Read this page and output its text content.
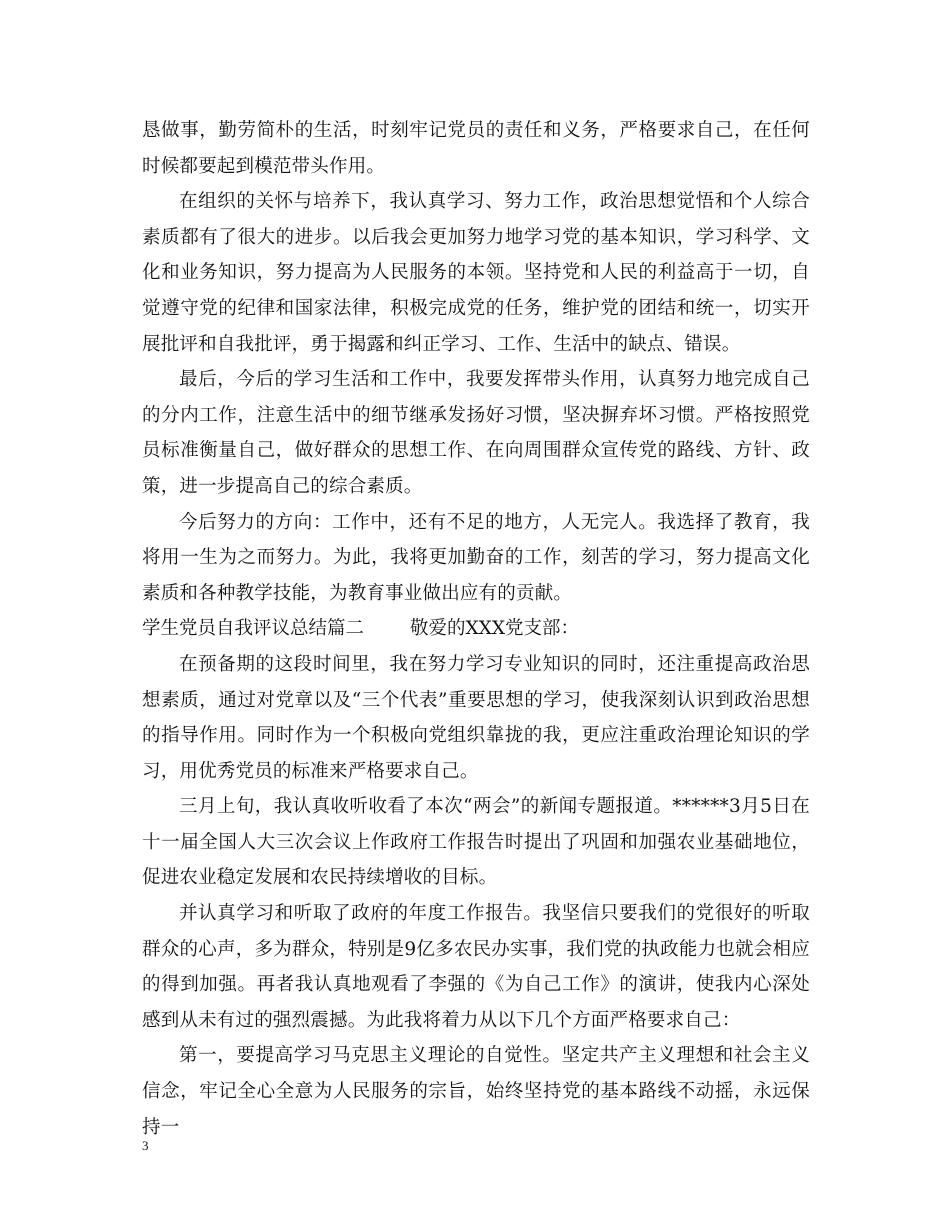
恳做事，勤劳简朴的生活，时刻牢记党员的责任和义务，严格要求自己，在任何时候都要起到模范带头作用。

在组织的关怀与培养下，我认真学习、努力工作，政治思想觉悟和个人综合素质都有了很大的进步。以后我会更加努力地学习党的基本知识，学习科学、文化和业务知识，努力提高为人民服务的本领。坚持党和人民的利益高于一切，自觉遵守党的纪律和国家法律，积极完成党的任务，维护党的团结和统一，切实开展批评和自我批评，勇于揭露和纠正学习、工作、生活中的缺点、错误。

最后，今后的学习生活和工作中，我要发挥带头作用，认真努力地完成自己的分内工作，注意生活中的细节继承发扬好习惯，坚决摒弃坏习惯。严格按照党员标准衡量自己，做好群众的思想工作、在向周围群众宣传党的路线、方针、政策，进一步提高自己的综合素质。

今后努力的方向：工作中，还有不足的地方，人无完人。我选择了教育，我将用一生为之而努力。为此，我将更加勤奋的工作，刻苦的学习，努力提高文化素质和各种教学技能，为教育事业做出应有的贡献。

学生党员自我评议总结篇二 敬爱的XXX党支部：

在预备期的这段时间里，我在努力学习专业知识的同时，还注重提高政治思想素质，通过对党章以及“三个代表”重要思想的学习，使我深刻认识到政治思想的指导作用。同时作为一个积极向党组织靠拢的我，更应注重政治理论知识的学习，用优秀党员的标准来严格要求自己。

三月上旬，我认真收听收看了本次“两会”的新闻专题报道。******3月5日在十一届全国人大三次会议上作政府工作报告时提出了巩固和加强农业基础地位，促进农业稳定发展和农民持续增收的目标。

并认真学习和听取了政府的年度工作报告。我坚信只要我们的党很好的听取群众的心声，多为群众，特别是9亿多农民办实事，我们党的执政能力也就会相应的得到加强。再者我认真地观看了李强的《为自己工作》的演讲，使我内心深处感到从未有过的强烈震撼。为此我将着力从以下几个方面严格要求自己：

第一，要提高学习马克思主义理论的自觉性。坚定共产主义理想和社会主义信念，牢记全心全意为人民服务的宗旨，始终坚持党的基本路线不动摇，永远保持一

3
